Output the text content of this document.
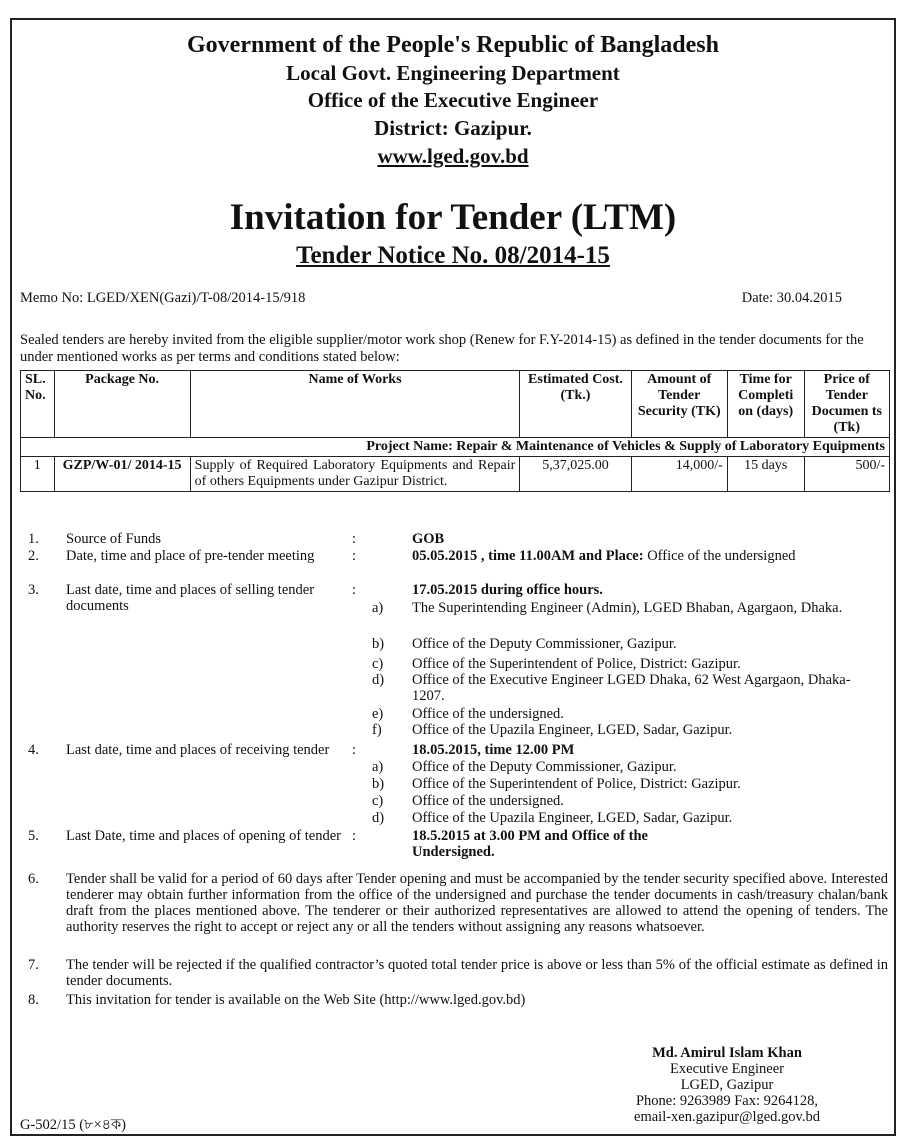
Government of the People's Republic of Bangladesh
Local Govt. Engineering Department
Office of the Executive Engineer
District: Gazipur.
www.lged.gov.bd
Invitation for Tender (LTM)
Tender Notice No. 08/2014-15
Memo No: LGED/XEN(Gazi)/T-08/2014-15/918	Date: 30.04.2015
Sealed tenders are hereby invited from the eligible supplier/motor work shop (Renew for F.Y-2014-15) as defined in the tender documents for the under mentioned works as per terms and conditions stated below:
SL. No.	Package No.	Name of Works	Estimated Cost. (Tk.)	Amount of Tender Security (TK)	Time for Completi on (days)	Price of Tender Documen ts (Tk)
Project Name: Repair & Maintenance of Vehicles & Supply of Laboratory Equipments						
1	GZP/W-01/ 2014-15	Supply of Required Laboratory Equipments and Repair of others Equipments under Gazipur District.	5,37,025.00	14,000/-	15 days	500/-
1. Source of Funds	:	GOB
2. Date, time and place of pre-tender meeting	:	05.05.2015 , time 11.00AM and Place: Office of the undersigned
3. Last date, time and places of selling tender documents
:	17.05.2015 during office hours.
a) The Superintending Engineer (Admin), LGED Bhaban, Agargaon, Dhaka.
b) Office of the Deputy Commissioner, Gazipur.
c) Office of the Superintendent of Police, District: Gazipur.
d) Office of the Executive Engineer LGED Dhaka, 62 West Agargaon, Dhaka-1207.
e) Office of the undersigned.
f) Office of the Upazila Engineer, LGED, Sadar, Gazipur.
4. Last date, time and places of receiving tender	:	18.05.2015, time 12.00 PM
a) Office of the Deputy Commissioner, Gazipur.
b) Office of the Superintendent of Police, District: Gazipur.
c) Office of the undersigned.
d) Office of the Upazila Engineer, LGED, Sadar, Gazipur.
5. Last Date, time and places of opening of tender :	18.5.2015 at 3.00 PM and Office of the Undersigned.
6. Tender shall be valid for a period of 60 days after Tender opening and must be accompanied by the tender security specified above. Interested tenderer may obtain further information from the office of the undersigned and purchase the tender documents in cash/treasury chalan/bank draft from the places mentioned above. The tenderer or their authorized representatives are allowed to attend the opening of tenders. The authority reserves the right to accept or reject any or all the tenders without assigning any reasons whatsoever.
7. The tender will be rejected if the qualified contractor’s quoted total tender price is above or less than 5% of the official estimate as defined in tender documents.
8. This invitation for tender is available on the Web Site (http://www.lged.gov.bd)
Md. Amirul Islam Khan
Executive Engineer
LGED, Gazipur
Phone: 9263989 Fax: 9264128,
email-xen.gazipur@lged.gov.bd
G-502/15 (৮×৪ক)
